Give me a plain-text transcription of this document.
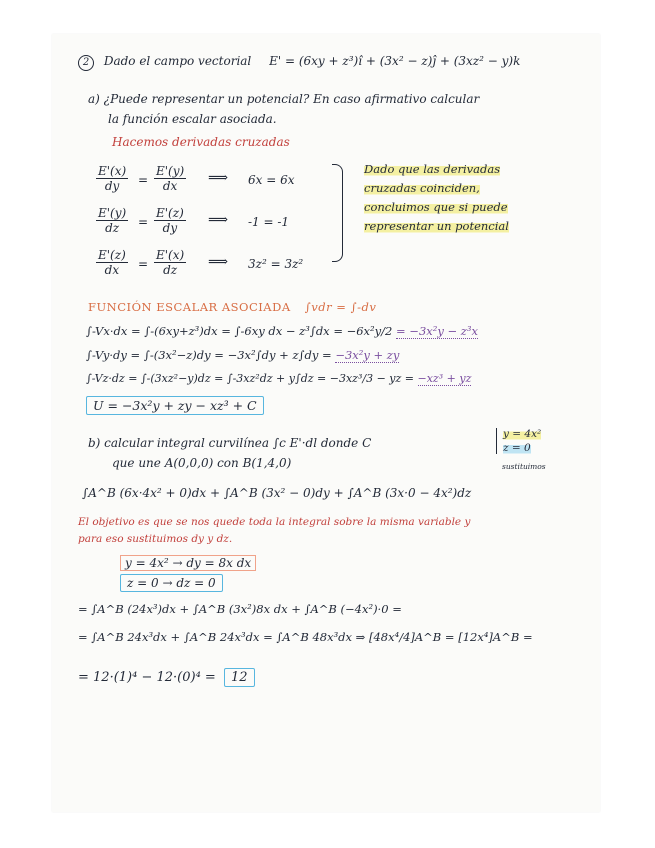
2 Dado el campo vectorial E' = (6xy + z³)î + (3x² − z)ĵ + (3xz² − y)k
a) ¿Puede representar un potencial? En caso afirmativo calcular
la función escalar asociada.
Hacemos derivadas cruzadas
$\frac{E'(x)}{dy} = \frac{E'(y)}{dx}$ ⟹ 6x = 6x
$\frac{E'(y)}{dz} = \frac{E'(z)}{dy}$ ⟹ -1 = -1
$\frac{E'(z)}{dx} = \frac{E'(x)}{dz}$ ⟹ 3z² = 3z²
Dado que las derivadas
cruzadas coinciden,
concluimos que si puede
representar un potencial
FUNCIÓN ESCALAR ASOCIADA ∫vdr = ∫-dv
∫-Vx·dx = ∫-(6xy+z³)dx = ∫-6xy dx − z³∫dx = −6x²y/2 = −3x²y − z³x
∫-Vy·dy = ∫-(3x²−z)dy = −3x²∫dy + z∫dy = −3x²y + zy
∫-Vz·dz = ∫-(3xz²−y)dz = ∫-3xz²dz + y∫dz = −3xz³/3 − yz = −xz³ + yz
U = −3x²y + zy − xz³ + C
b) calcular integral curvilínea ∫c E'·dl donde C
que une A(0,0,0) con B(1,4,0)
y = 4x²
z = 0
sustituimos
∫A^B (6x·4x² + 0)dx + ∫A^B (3x² − 0)dy + ∫A^B (3x·0 − 4x²)dz
El objetivo es que se nos quede toda la integral sobre la misma variable y
para eso sustituimos dy y dz.
y = 4x² → dy = 8x dx
z = 0 → dz = 0
= ∫A^B (24x³)dx + ∫A^B (3x²)8x dx + ∫A^B (−4x²)·0 =
= ∫A^B 24x³dx + ∫A^B 24x³dx = ∫A^B 48x³dx ⇒ [48x⁴/4]A^B = [12x⁴]A^B =
= 12·(1)⁴ − 12·(0)⁴ = 12
